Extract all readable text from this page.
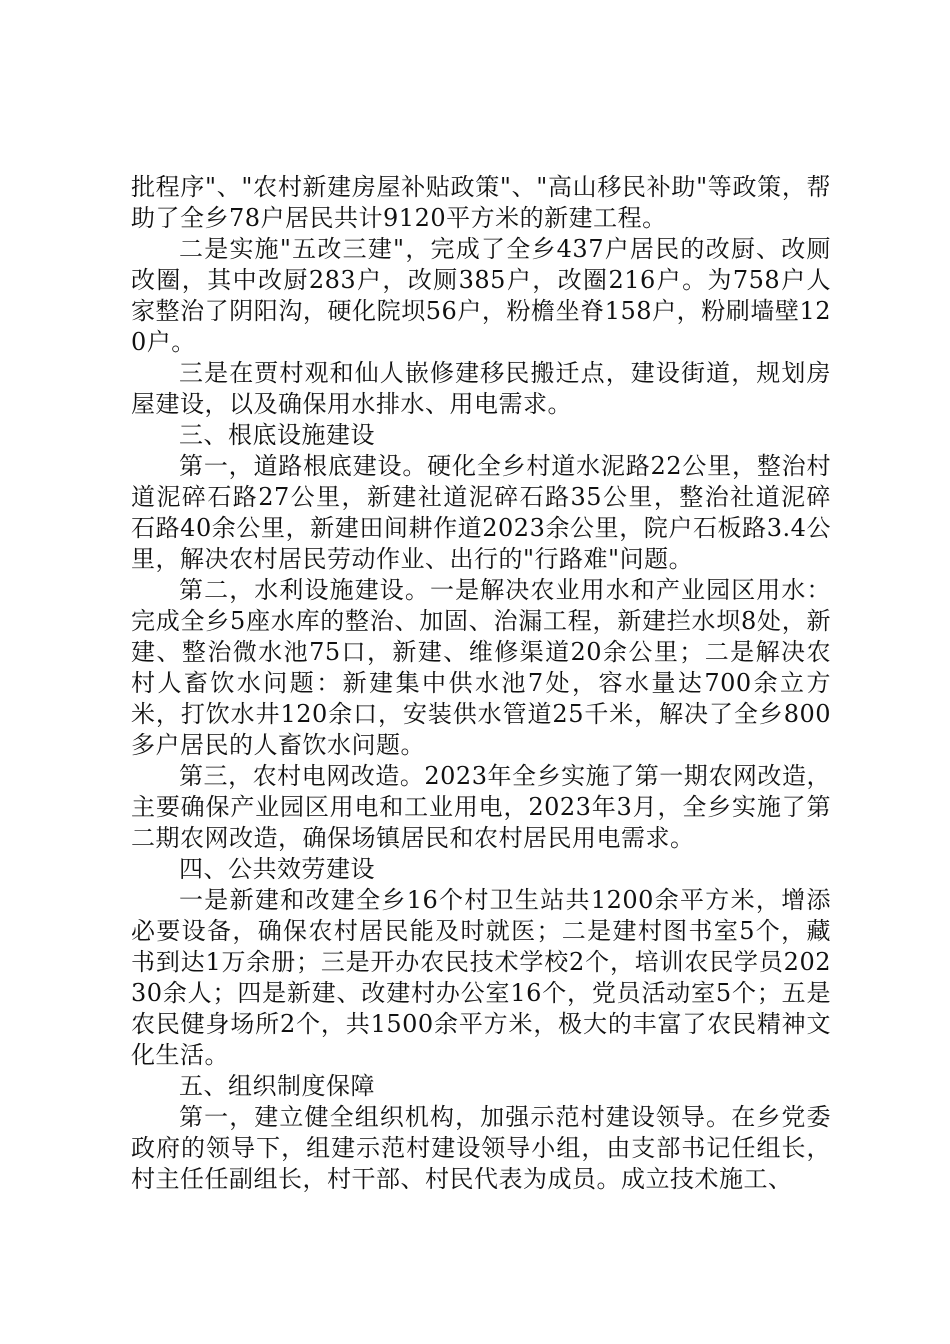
批程序"、"农村新建房屋补贴政策"、"高山移民补助"等政策，帮助了全乡78户居民共计9120平方米的新建工程。

二是实施"五改三建"，完成了全乡437户居民的改厨、改厕改圈，其中改厨283户，改厕385户，改圈216户。为758户人家整治了阴阳沟，硬化院坝56户，粉檐坐脊158户，粉刷墙壁120户。

三是在贾村观和仙人嵌修建移民搬迁点，建设街道，规划房屋建设，以及确保用水排水、用电需求。

三、根底设施建设

第一，道路根底建设。硬化全乡村道水泥路22公里，整治村道泥碎石路27公里，新建社道泥碎石路35公里，整治社道泥碎石路40余公里，新建田间耕作道2023余公里，院户石板路3.4公里，解决农村居民劳动作业、出行的"行路难"问题。

第二，水利设施建设。一是解决农业用水和产业园区用水：完成全乡5座水库的整治、加固、治漏工程，新建拦水坝8处，新建、整治微水池75口，新建、维修渠道20余公里；二是解决农村人畜饮水问题：新建集中供水池7处，容水量达700余立方米，打饮水井120余口，安装供水管道25千米，解决了全乡800多户居民的人畜饮水问题。

第三，农村电网改造。2023年全乡实施了第一期农网改造，主要确保产业园区用电和工业用电，2023年3月，全乡实施了第二期农网改造，确保场镇居民和农村居民用电需求。

四、公共效劳建设

一是新建和改建全乡16个村卫生站共1200余平方米，增添必要设备，确保农村居民能及时就医；二是建村图书室5个，藏书到达1万余册；三是开办农民技术学校2个，培训农民学员20230余人；四是新建、改建村办公室16个，党员活动室5个；五是农民健身场所2个，共1500余平方米，极大的丰富了农民精神文化生活。

五、组织制度保障

第一，建立健全组织机构，加强示范村建设领导。在乡党委政府的领导下，组建示范村建设领导小组，由支部书记任组长，村主任任副组长，村干部、村民代表为成员。成立技术施工、
